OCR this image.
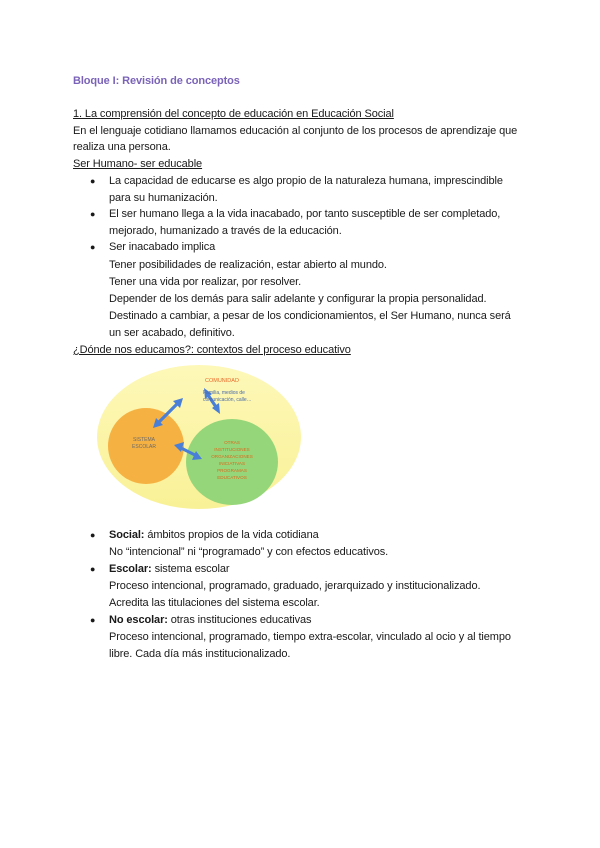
Bloque I: Revisión de conceptos
1. La comprensión del concepto de educación en Educación Social
En el lenguaje cotidiano llamamos educación al conjunto de los procesos de aprendizaje que
realiza una persona.
Ser Humano- ser educable
● La capacidad de educarse es algo propio de la naturaleza humana, imprescindible
para su humanización.
● El ser humano llega a la vida inacabado, por tanto susceptible de ser completado,
mejorado, humanizado a través de la educación.
● Ser inacabado implica
Tener posibilidades de realización, estar abierto al mundo.
Tener una vida por realizar, por resolver.
Depender de los demás para salir adelante y configurar la propia personalidad.
Destinado a cambiar, a pesar de los condicionamientos, el Ser Humano, nunca será
un ser acabado, definitivo.
¿Dónde nos educamos?: contextos del proceso educativo
COMUNIDAD
Familia, medios de
comunicación, calle…
SISTEMA
ESCOLAR
OTRAS
INSTITUCIONES
ORGANIZACIONES
INICIATIVAS
PROGRAMAS
EDUCATIVOS
● Social: ámbitos propios de la vida cotidiana
No “intencional” ni “programado” y con efectos educativos.
● Escolar: sistema escolar
Proceso intencional, programado, graduado, jerarquizado y institucionalizado.
Acredita las titulaciones del sistema escolar.
● No escolar: otras instituciones educativas
Proceso intencional, programado, tiempo extra-escolar, vinculado al ocio y al tiempo
libre. Cada día más institucionalizado.
